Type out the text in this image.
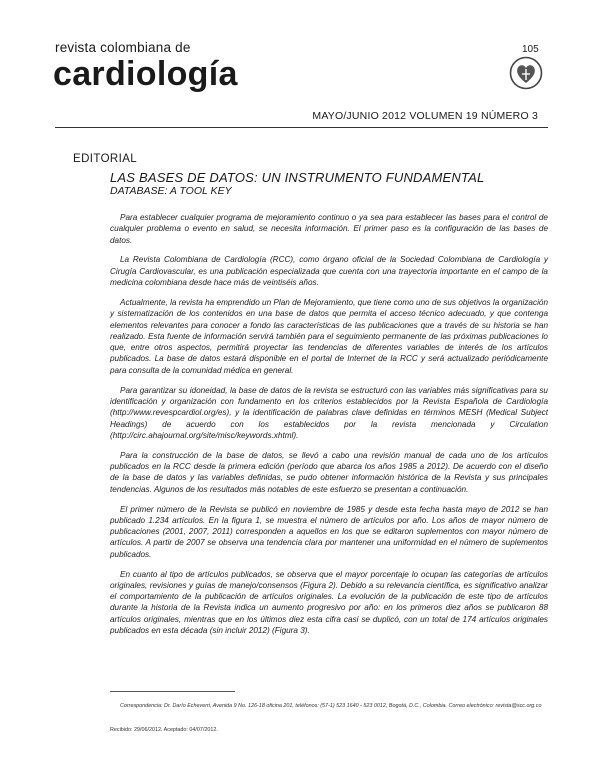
revista colombiana de
cardiología
105
MAYO/JUNIO 2012 VOLUMEN 19 NÚMERO 3
EDITORIAL
LAS BASES DE DATOS: UN INSTRUMENTO FUNDAMENTAL
DATABASE: A TOOL KEY

Para establecer cualquier programa de mejoramiento continuo o ya sea para establecer las bases para el control de cualquier problema o evento en salud, se necesita información. El primer paso es la configuración de las bases de datos.

La Revista Colombiana de Cardiología (RCC), como órgano oficial de la Sociedad Colombiana de Cardiología y Cirugía Cardiovascular, es una publicación especializada que cuenta con una trayectoria importante en el campo de la medicina colombiana desde hace más de veintiséis años.

Actualmente, la revista ha emprendido un Plan de Mejoramiento, que tiene como uno de sus objetivos la organización y sistematización de los contenidos en una base de datos que permita el acceso técnico adecuado, y que contenga elementos relevantes para conocer a fondo las características de las publicaciones que a través de su historia se han realizado. Esta fuente de información servirá también para el seguimiento permanente de las próximas publicaciones lo que, entre otros aspectos, permitirá proyectar las tendencias de diferentes variables de interés de los artículos publicados. La base de datos estará disponible en el portal de Internet de la RCC y será actualizado periódicamente para consulta de la comunidad médica en general.

Para garantizar su idoneidad, la base de datos de la revista se estructuró con las variables más significativas para su identificación y organización con fundamento en los criterios establecidos por la Revista Española de Cardiología (http://www.revespcardiol.org/es), y la identificación de palabras clave definidas en términos MESH (Medical Subject Headings) de acuerdo con los establecidos por la revista mencionada y Circulation (http://circ.ahajournal.org/site/misc/keywords.xhtml).

Para la construcción de la base de datos, se llevó a cabo una revisión manual de cada uno de los artículos publicados en la RCC desde la primera edición (período que abarca los años 1985 a 2012). De acuerdo con el diseño de la base de datos y las variables definidas, se pudo obtener información histórica de la Revista y sus principales tendencias. Algunos de los resultados más notables de este esfuerzo se presentan a continuación.

El primer número de la Revista se publicó en noviembre de 1985 y desde esta fecha hasta mayo de 2012 se han publicado 1.234 artículos. En la figura 1, se muestra el número de artículos por año. Los años de mayor número de publicaciones (2001, 2007, 2011) corresponden a aquellos en los que se editaron suplementos con mayor número de artículos. A partir de 2007 se observa una tendencia clara por mantener una uniformidad en el número de suplementos publicados.

En cuanto al tipo de artículos publicados, se observa que el mayor porcentaje lo ocupan las categorías de artículos originales, revisiones y guías de manejo/consensos (Figura 2). Debido a su relevancia científica, es significativo analizar el comportamiento de la publicación de artículos originales. La evolución de la publicación de este tipo de artículos durante la historia de la Revista indica un aumento progresivo por año: en los primeros diez años se publicaron 88 artículos originales, mientras que en los últimos diez esta cifra casi se duplicó, con un total de 174 artículos originales publicados en esta década (sin incluir 2012) (Figura 3).

Correspondencia: Dr. Darío Echeverri, Avenida 9 No. 126-18 oficina 201, teléfonos: (57-1) 523 1640 - 523 0012, Bogotá, D.C., Colombia. Correo electrónico: revista@scc.org.co
Recibido: 29/06/2012. Aceptado: 04/07/2012.
